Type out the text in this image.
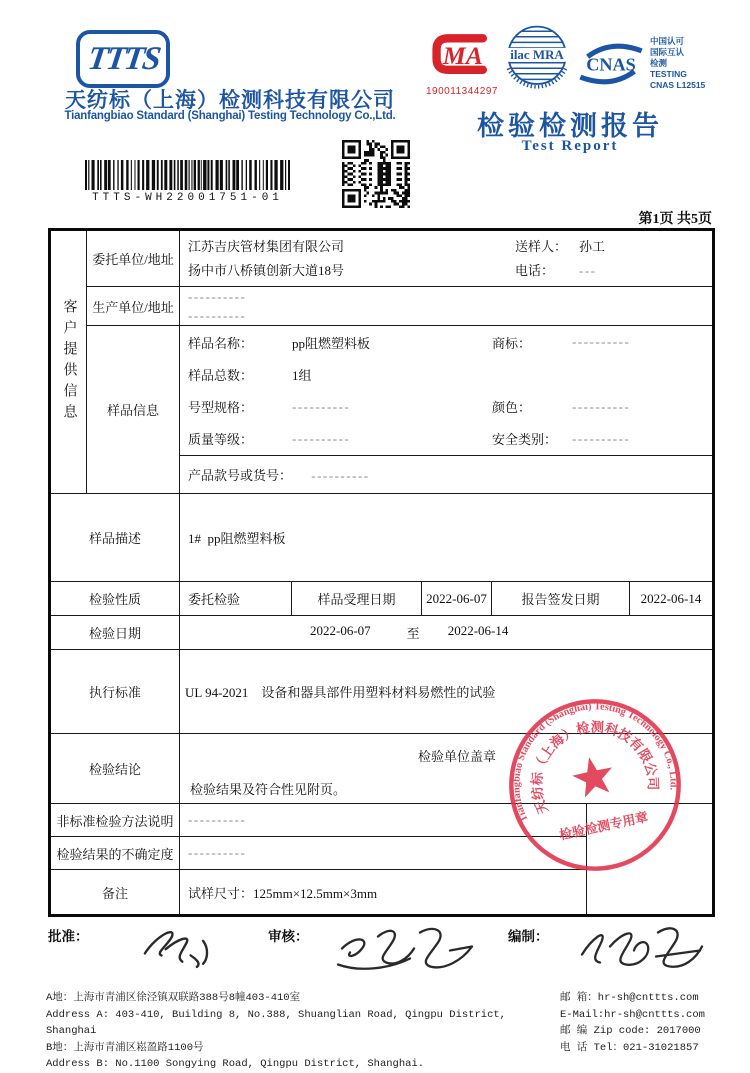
TTTS
天纺标（上海）检测科技有限公司
Tianfangbiao Standard (Shanghai) Testing Technology Co.,Ltd.
MA
190011344297
ilac MRA
CNAS
中国认可
国际互认
检测
TESTING
CNAS L12515
检验检测报告
Test Report
TTTS-WH22001751-01
第1页 共5页
客户提供信息	委托单位/地址	江苏吉庆管材集团有限公司
扬中市八桥镇创新大道18号
送样人： 孙工
电话： ---					

	生产单位/地址	----------
----------					

样品信息	
样品名称：	pp阻燃塑料板	商标：	----------
样品总数：	1组
号型规格：	----------	颜色：	----------
质量等级：	----------	安全类别：	----------

		产品款号或货号： ----------					

样品描述		1#  pp阻燃塑料板					

检验性质		委托检验	样品受理日期	2022-06-07	报告签发日期		2022-06-14
检验日期		2022-06-07 至 2022-06-14					

执行标准		UL 94-2021　设备和器具部件用塑料材料易燃性的试验					

检验结论		检验结果及符合性见附页。
检验单位盖章					

非标准检验方法说明		----------					

检验结果的不确定度		----------					

备注		试样尺寸：125mm×12.5mm×3mm					
Tianfangbiao Standard (Shanghai) Testing Technology Co., Ltd.
天纺标（上海）检测科技有限公司
检验检测专用章
批准：	审核：	编制：
A地：上海市青浦区徐泾镇双联路388号8幢403-410室
Address A: 403-410, Building 8, No.388, Shuanglian Road, Qingpu District, Shanghai
B地：上海市青浦区崧盈路1100号
Address B: No.1100 Songying Road, Qingpu District, Shanghai.
邮 箱：hr-sh@cnttts.com
E-Mail:hr-sh@cnttts.com
邮 编 Zip code: 2017000
电 话 Tel：021-31021857
